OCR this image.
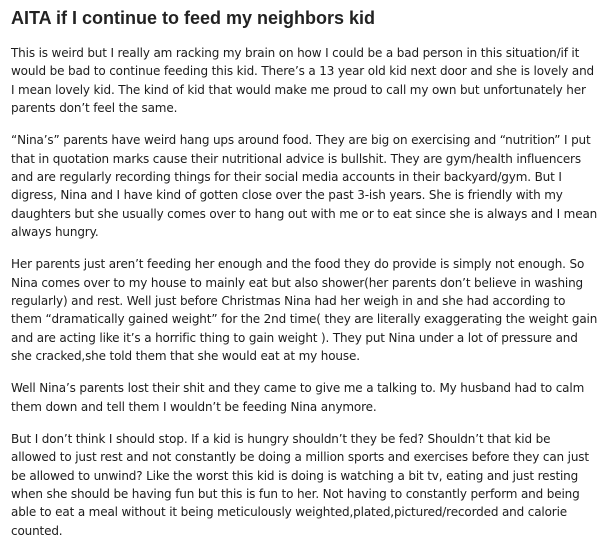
AITA if I continue to feed my neighbors kid

This is weird but I really am racking my brain on how I could be a bad person in this situation/if it would be bad to continue feeding this kid. There’s a 13 year old kid next door and she is lovely and I mean lovely kid. The kind of kid that would make me proud to call my own but unfortunately her parents don’t feel the same.

“Nina’s” parents have weird hang ups around food. They are big on exercising and “nutrition” I put that in quotation marks cause their nutritional advice is bullshit. They are gym/health influencers and are regularly recording things for their social media accounts in their backyard/gym. But I digress, Nina and I have kind of gotten close over the past 3-ish years. She is friendly with my daughters but she usually comes over to hang out with me or to eat since she is always and I mean always hungry.

Her parents just aren’t feeding her enough and the food they do provide is simply not enough. So Nina comes over to my house to mainly eat but also shower(her parents don’t believe in washing regularly) and rest. Well just before Christmas Nina had her weigh in and she had according to them “dramatically gained weight” for the 2nd time( they are literally exaggerating the weight gain and are acting like it’s a horrific thing to gain weight ). They put Nina under a lot of pressure and she cracked,she told them that she would eat at my house.

Well Nina’s parents lost their shit and they came to give me a talking to. My husband had to calm them down and tell them I wouldn’t be feeding Nina anymore.

But I don’t think I should stop. If a kid is hungry shouldn’t they be fed? Shouldn’t that kid be allowed to just rest and not constantly be doing a million sports and exercises before they can just be allowed to unwind? Like the worst this kid is doing is watching a bit tv, eating and just resting when she should be having fun but this is fun to her. Not having to constantly perform and being able to eat a meal without it being meticulously weighted,plated,pictured/recorded and calorie counted.
